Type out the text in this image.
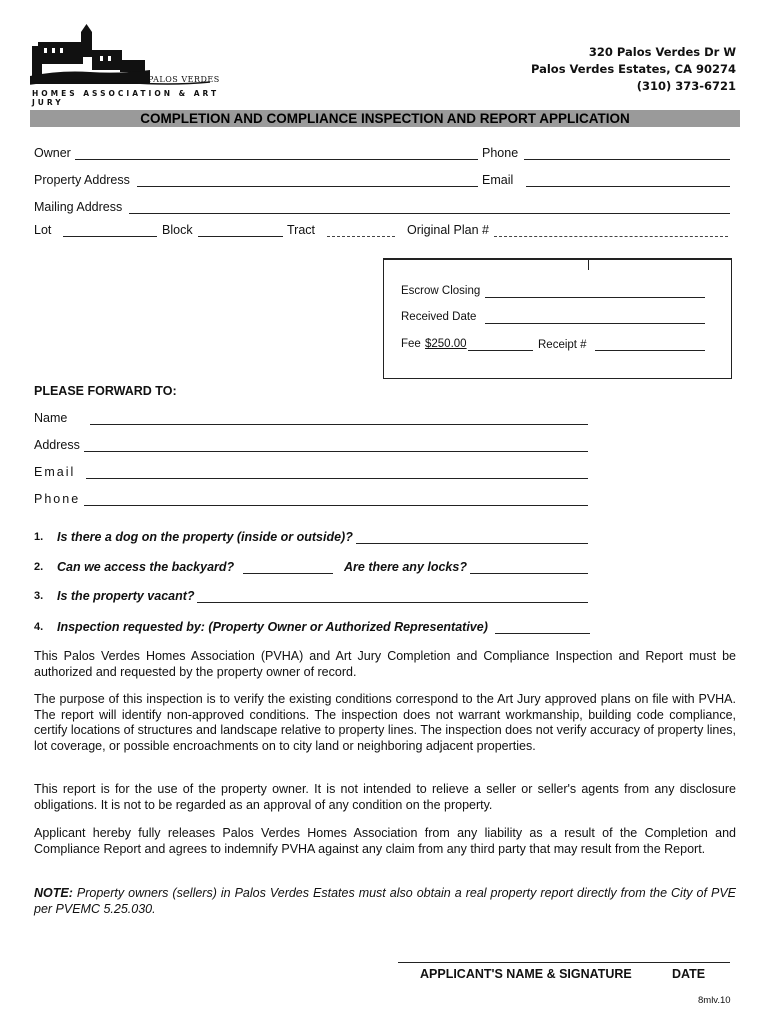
PALOS VERDES
HOMES ASSOCIATION & ART JURY
320 Palos Verdes Dr W
Palos Verdes Estates, CA 90274
(310) 373-6721
COMPLETION AND COMPLIANCE INSPECTION AND REPORT APPLICATION
Owner	Phone
Property Address	Email
Mailing Address
Lot	Block	Tract	Original Plan #
Escrow Closing
Received Date
Fee $250.00	Receipt #
PLEASE FORWARD TO:
Name
Address
Email
Phone
1. Is there a dog on the property (inside or outside)?
2. Can we access the backyard?	Are there any locks?
3. Is the property vacant?
4. Inspection requested by: (Property Owner or Authorized Representative)
This Palos Verdes Homes Association (PVHA) and Art Jury Completion and Compliance Inspection and Report must be authorized and requested by the property owner of record.
The purpose of this inspection is to verify the existing conditions correspond to the Art Jury approved plans on file with PVHA. The report will identify non-approved conditions. The inspection does not warrant workmanship, building code compliance, certify locations of structures and landscape relative to property lines. The inspection does not verify accuracy of property lines, lot coverage, or possible encroachments on to city land or neighboring adjacent properties.
This report is for the use of the property owner. It is not intended to relieve a seller or seller's agents from any disclosure obligations. It is not to be regarded as an approval of any condition on the property.
Applicant hereby fully releases Palos Verdes Homes Association from any liability as a result of the Completion and Compliance Report and agrees to indemnify PVHA against any claim from any third party that may result from the Report.
NOTE: Property owners (sellers) in Palos Verdes Estates must also obtain a real property report directly from the City of PVE per PVEMC 5.25.030.
APPLICANT'S NAME & SIGNATURE	DATE
8mlv.10
